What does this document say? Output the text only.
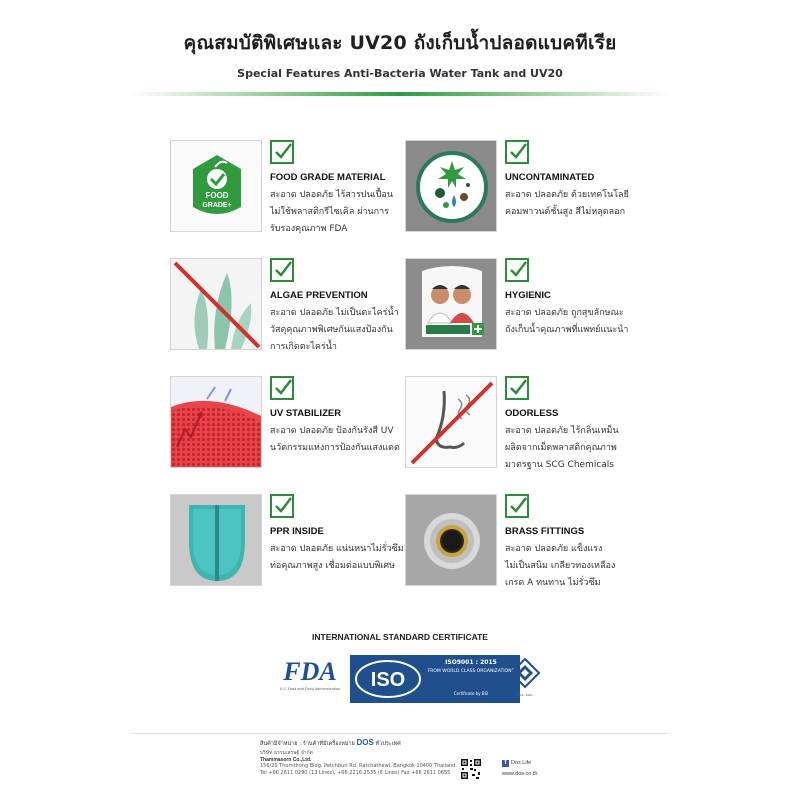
คุณสมบัติพิเศษและ UV20 ถังเก็บน้ำปลอดแบคทีเรีย
Special Features Anti-Bacteria Water Tank and UV20
FOOD
GRADE+
FOOD GRADE MATERIAL
สะอาด ปลอดภัย ไร้สารปนเปื้อน
ไม่ใช้พลาสติกรีไซเคิล ผ่านการ
รับรองคุณภาพ FDA
UNCONTAMINATED
สะอาด ปลอดภัย ด้วยเทคโนโลยี
คอมพาวนด์ชั้นสูง สีไม่หลุดลอก
ALGAE PREVENTION
สะอาด ปลอดภัย ไม่เป็นตะไคร่น้ำ
วัสดุคุณภาพพิเศษกันแสงป้องกัน
การเกิดตะไคร่น้ำ
HYGIENIC
สะอาด ปลอดภัย ถูกสุขลักษณะ
ถังเก็บน้ำคุณภาพที่แพทย์แนะนำ
UV STABILIZER
สะอาด ปลอดภัย ป้องกันรังสี UV
นวัตกรรมแห่งการป้องกันแสงแดด
ODORLESS
สะอาด ปลอดภัย ไร้กลิ่นเหม็น
ผลิตจากเม็ดพลาสติกคุณภาพ
มาตรฐาน SCG Chemicals
PPR INSIDE
สะอาด ปลอดภัย แน่นหนาไม่รั่วซึม
ท่อคุณภาพสูง เชื่อมต่อแบบพิเศษ
BRASS FITTINGS
สะอาด ปลอดภัย แข็งแรง
ไม่เป็นสนิม เกลียวทองเหลือง
เกรด A ทนทาน ไม่รั่วซึม
INTERNATIONAL STANDARD CERTIFICATE
FDA
U.S. Food and Drug Administration ISO
ISO9001 : 2015
FROM WORLD CLASS ORGANIZATIONS
Certificate by BSI	สมอ. มอก.
สินค้ามีจำหน่าย : ร้านค้าที่มีเครื่องหมาย DOS ทั่วประเทศ
บริษัท ธรรมเสรษฐ์ จำกัด
Thammasorn Co.,Ltd.
156/20 Thornthong Bldg. Petchburi Rd. Ratchathewi, Bangkok 10400 Thailand.
Tel +66 2611 0290 (13 Lines), +66 2216 2535 (6 Lines) Fax +66 2611 0655
f Dos Life
www.dos.co.th
